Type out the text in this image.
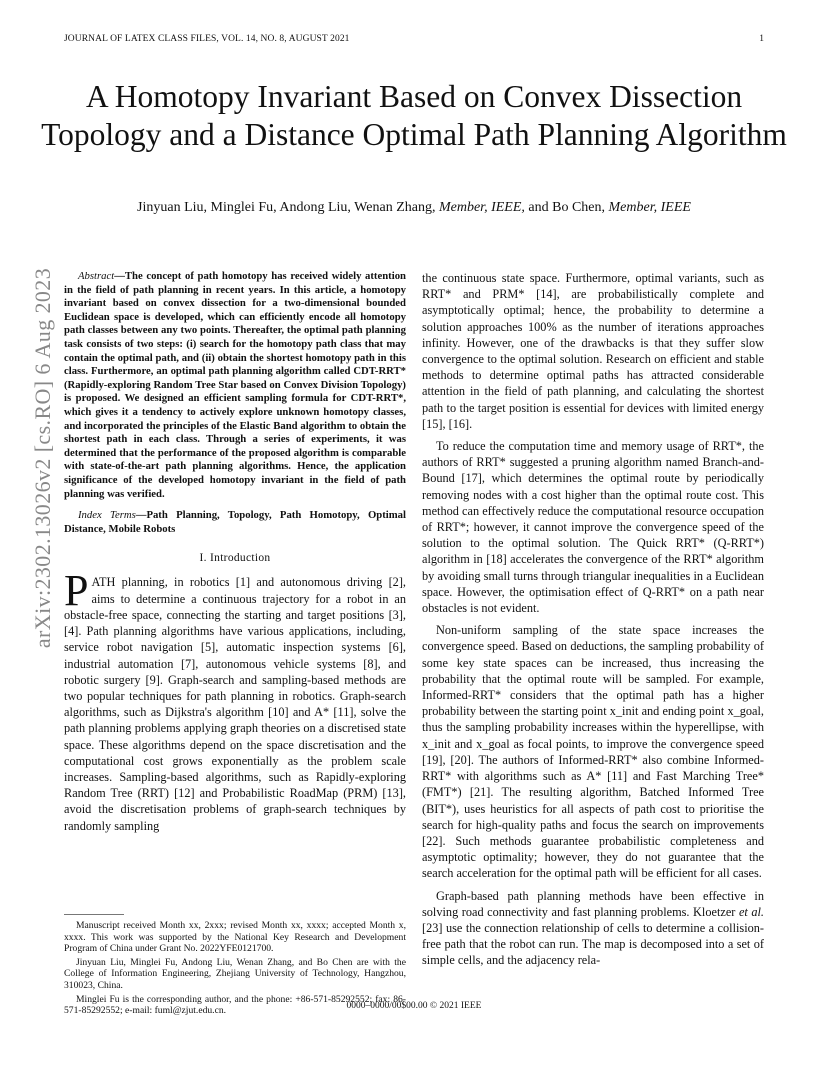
JOURNAL OF LATEX CLASS FILES, VOL. 14, NO. 8, AUGUST 2021	1
A Homotopy Invariant Based on Convex Dissection Topology and a Distance Optimal Path Planning Algorithm
Jinyuan Liu, Minglei Fu, Andong Liu, Wenan Zhang, Member, IEEE, and Bo Chen, Member, IEEE
arXiv:2302.13026v2 [cs.RO] 6 Aug 2023	Abstract—The concept of path homotopy has received widely attention in the field of path planning in recent years. In this article, a homotopy invariant based on convex dissection for a two-dimensional bounded Euclidean space is developed, which can efficiently encode all homotopy path classes between any two points. Thereafter, the optimal path planning task consists of two steps: (i) search for the homotopy path class that may contain the optimal path, and (ii) obtain the shortest homotopy path in this class. Furthermore, an optimal path planning algorithm called CDT-RRT* (Rapidly-exploring Random Tree Star based on Convex Division Topology) is proposed. We designed an efficient sampling formula for CDT-RRT*, which gives it a tendency to actively explore unknown homotopy classes, and incorporated the principles of the Elastic Band algorithm to obtain the shortest path in each class. Through a series of experiments, it was determined that the performance of the proposed algorithm is comparable with state-of-the-art path planning algorithms. Hence, the application significance of the developed homotopy invariant in the field of path planning was verified.
Index Terms—Path Planning, Topology, Path Homotopy, Optimal Distance, Mobile Robots
I. Introduction

PATH planning, in robotics [1] and autonomous driving [2], aims to determine a continuous trajectory for a robot in an obstacle-free space, connecting the starting and target positions [3], [4]. Path planning algorithms have various applications, including, service robot navigation [5], automatic inspection systems [6], industrial automation [7], autonomous vehicle systems [8], and robotic surgery [9]. Graph-search and sampling-based methods are two popular techniques for path planning in robotics. Graph-search algorithms, such as Dijkstra's algorithm [10] and A* [11], solve the path planning problems applying graph theories on a discretised state space. These algorithms depend on the space discretisation and the computational cost grows exponentially as the problem scale increases. Sampling-based algorithms, such as Rapidly-exploring Random Tree (RRT) [12] and Probabilistic RoadMap (PRM) [13], avoid the discretisation problems of graph-search techniques by randomly sampling

Manuscript received Month xx, 2xxx; revised Month xx, xxxx; accepted Month x, xxxx. This work was supported by the National Key Research and Development Program of China under Grant No. 2022YFE0121700.

Jinyuan Liu, Minglei Fu, Andong Liu, Wenan Zhang, and Bo Chen are with the College of Information Engineering, Zhejiang University of Technology, Hangzhou, 310023, China.

Minglei Fu is the corresponding author, and the phone: +86-571-85292552; fax: 86-571-85292552; e-mail: fuml@zjut.edu.cn.

the continuous state space. Furthermore, optimal variants, such as RRT* and PRM* [14], are probabilistically complete and asymptotically optimal; hence, the probability to determine a solution approaches 100% as the number of iterations approaches infinity. However, one of the drawbacks is that they suffer slow convergence to the optimal solution. Research on efficient and stable methods to determine optimal paths has attracted considerable attention in the field of path planning, and calculating the shortest path to the target position is essential for devices with limited energy [15], [16].

To reduce the computation time and memory usage of RRT*, the authors of RRT* suggested a pruning algorithm named Branch-and-Bound [17], which determines the optimal route by periodically removing nodes with a cost higher than the optimal route cost. This method can effectively reduce the computational resource occupation of RRT*; however, it cannot improve the convergence speed of the solution to the optimal solution. The Quick RRT* (Q-RRT*) algorithm in [18] accelerates the convergence of the RRT* algorithm by avoiding small turns through triangular inequalities in a Euclidean space. However, the optimisation effect of Q-RRT* on a path near obstacles is not evident.

Non-uniform sampling of the state space increases the convergence speed. Based on deductions, the sampling probability of some key state spaces can be increased, thus increasing the probability that the optimal route will be sampled. For example, Informed-RRT* considers that the optimal path has a higher probability between the starting point x_init and ending point x_goal, thus the sampling probability increases within the hyperellipse, with x_init and x_goal as focal points, to improve the convergence speed [19], [20]. The authors of Informed-RRT* also combine Informed-RRT* with algorithms such as A* [11] and Fast Marching Tree* (FMT*) [21]. The resulting algorithm, Batched Informed Tree (BIT*), uses heuristics for all aspects of path cost to prioritise the search for high-quality paths and focus the search on improvements [22]. Such methods guarantee probabilistic completeness and asymptotic optimality; however, they do not guarantee that the search acceleration for the optimal path will be efficient for all cases.

Graph-based path planning methods have been effective in solving road connectivity and fast planning problems. Kloetzer et al. [23] use the connection relationship of cells to determine a collision-free path that the robot can run. The map is decomposed into a set of simple cells, and the adjacency rela-

0000–0000/00$00.00 © 2021 IEEE
